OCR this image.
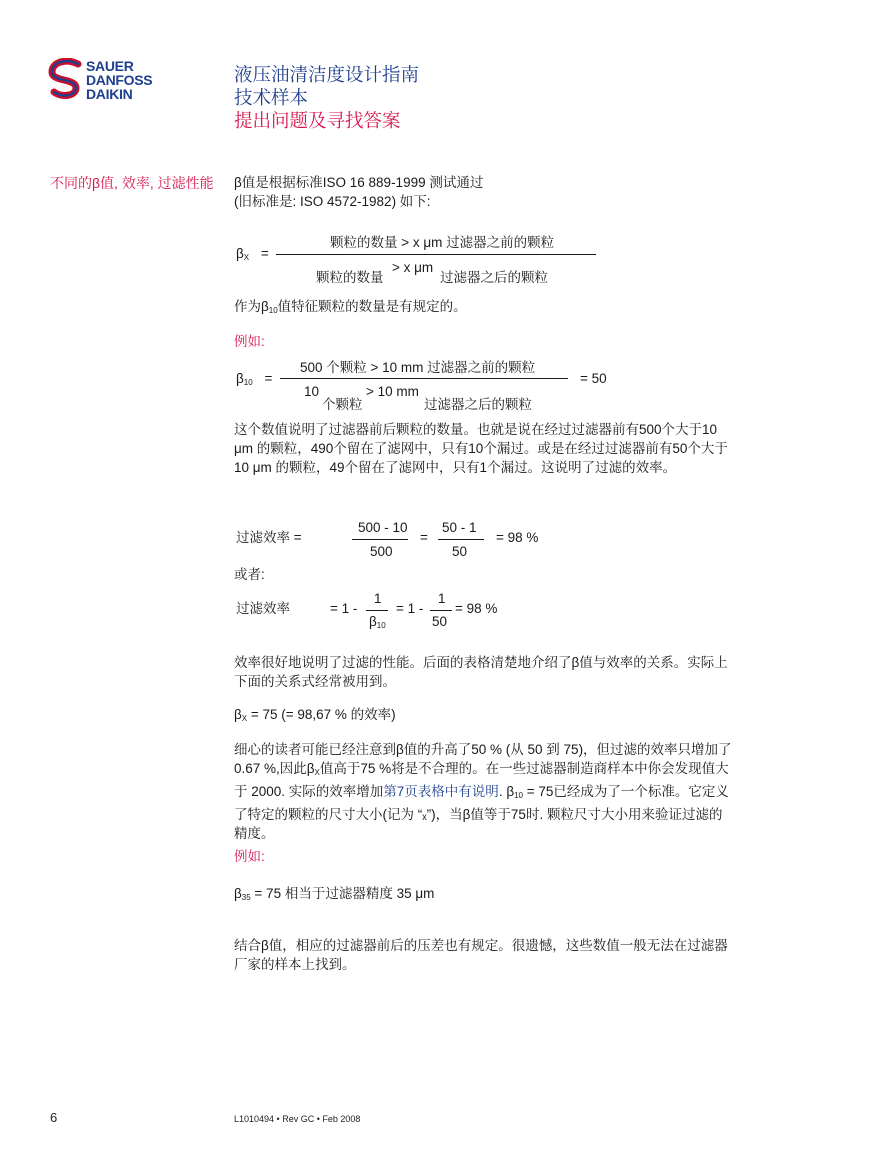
SAUER
DANFOSS
DAIKIN
液压油清洁度设计指南
技术样本
提出问题及寻找答案
不同的β值, 效率, 过滤性能 β值是根据标准ISO 16 889-1999 测试通过
(旧标准是: ISO 4572-1982) 如下:
$\beta_X$ =
颗粒的数量 > x μm 过滤器之前的颗粒
颗粒的数量
> x μm
过滤器之后的颗粒
作为$\beta_{10}$值特征颗粒的数量是有规定的。
例如:
$\beta_{10}$ =
500 个颗粒 > 10 mm 过滤器之前的颗粒
10
个颗粒
> 10 mm
过滤器之后的颗粒
= 50
这个数值说明了过滤器前后颗粒的数量。也就是说在经过过滤器前有500个大于10
μm 的颗粒，490个留在了滤网中，只有10个漏过。或是在经过过滤器前有50个大于
10 μm 的颗粒，49个留在了滤网中，只有1个漏过。这说明了过滤的效率。
过滤效率 =
500 - 10
500
=
50 - 1
50
= 98 %
或者:
过滤效率	= 1 -
1
$\beta_{10}$
= 1 -
1
50
= 98 %
效率很好地说明了过滤的性能。后面的表格清楚地介绍了β值与效率的关系。实际上
下面的关系式经常被用到。
$\beta_X = 75$ (= 98,67 % 的效率)
细心的读者可能已经注意到β值的升高了50 % (从 50 到 75)，但过滤的效率只增加了
0.67 %,因此$\beta_X$值高于75 %将是不合理的。在一些过滤器制造商样本中你会发现值大
于 2000. 实际的效率增加第7页表格中有说明. $\beta_{10} = 75$已经成为了一个标准。它定义
了特定的颗粒的尺寸大小(记为 “ₓ”)，当β值等于75时. 颗粒尺寸大小用来验证过滤的
精度。
例如:
$\beta_{35} = 75$ 相当于过滤器精度 35 μm
结合β值，相应的过滤器前后的压差也有规定。很遗憾，这些数值一般无法在过滤器
厂家的样本上找到。
6	L1010494 • Rev GC • Feb 2008
